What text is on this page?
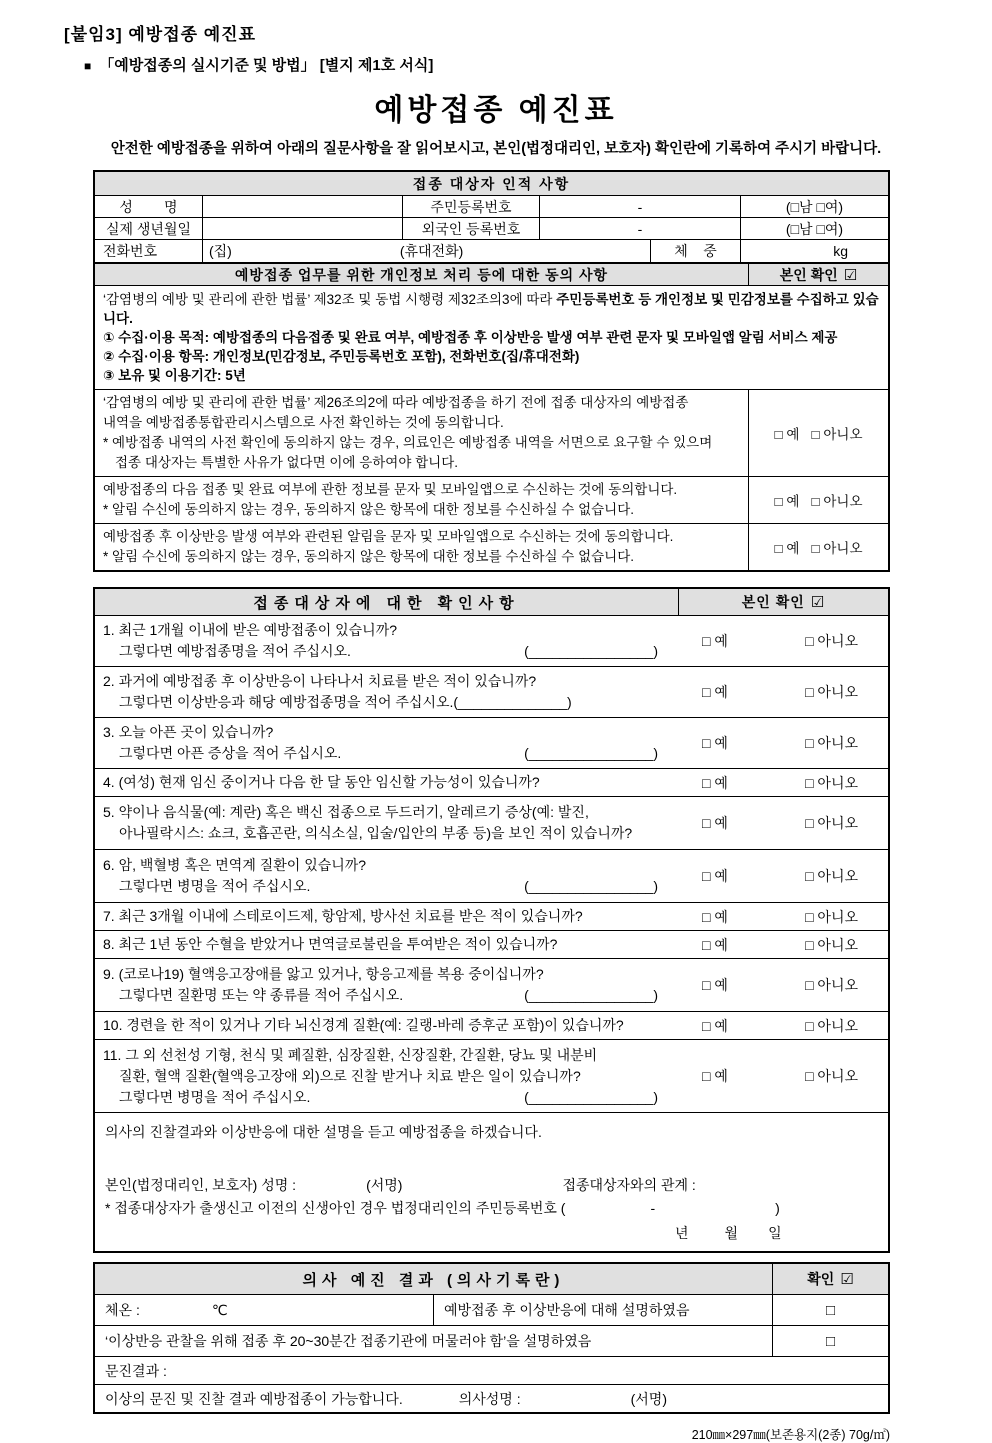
[붙임3] 예방접종 예진표
■ 「예방접종의 실시기준 및 방법」 [별지 제1호 서식]
예방접종 예진표
안전한 예방접종을 위하여 아래의 질문사항을 잘 읽어보시고, 본인(법정대리인, 보호자) 확인란에 기록하여 주시기 바랍니다.
접종 대상자 인적 사항
성        명	주민등록번호	-	(□남 □여)
실제 생년월일	외국인 등록번호	-	(□남 □여)
전화번호	(집)	(휴대전화)	체    중	kg
예방접종 업무를 위한 개인정보 처리 등에 대한 동의 사항	본인 확인 ☑
‘감염병의 예방 및 관리에 관한 법률’ 제32조 및 동법 시행령 제32조의3에 따라 주민등록번호 등 개인정보 및 민감정보를 수집하고 있습니다.
① 수집·이용 목적: 예방접종의 다음접종 및 완료 여부, 예방접종 후 이상반응 발생 여부 관련 문자 및 모바일앱 알림 서비스 제공
② 수집·이용 항목: 개인정보(민감정보, 주민등록번호 포함), 전화번호(집/휴대전화)
③ 보유 및 이용기간: 5년
‘감염병의 예방 및 관리에 관한 법률’ 제26조의2에 따라 예방접종을 하기 전에 접종 대상자의 예방접종
내역을 예방접종통합관리시스템으로 사전 확인하는 것에 동의합니다.
* 예방접종 내역의 사전 확인에 동의하지 않는 경우, 의료인은 예방접종 내역을 서면으로 요구할 수 있으며
접종 대상자는 특별한 사유가 없다면 이에 응하여야 합니다.
□ 예 □ 아니오
예방접종의 다음 접종 및 완료 여부에 관한 정보를 문자 및 모바일앱으로 수신하는 것에 동의합니다.
* 알림 수신에 동의하지 않는 경우, 동의하지 않은 항목에 대한 정보를 수신하실 수 없습니다.
□ 예 □ 아니오
예방접종 후 이상반응 발생 여부와 관련된 알림을 문자 및 모바일앱으로 수신하는 것에 동의합니다.
* 알림 수신에 동의하지 않는 경우, 동의하지 않은 항목에 대한 정보를 수신하실 수 없습니다.
□ 예 □ 아니오
접종대상자에 대한 확인사항	본인 확인 ☑
1. 최근 1개월 이내에 받은 예방접종이 있습니까?
그렇다면 예방접종명을 적어 주십시오.	(________________)
□ 예	□ 아니오
2. 과거에 예방접종 후 이상반응이 나타나서 치료를 받은 적이 있습니까?
그렇다면 이상반응과 해당 예방접종명을 적어 주십시오. (______________)
□ 예	□ 아니오
3. 오늘 아픈 곳이 있습니까?
그렇다면 아픈 증상을 적어 주십시오.	(________________)
□ 예	□ 아니오
4. (여성) 현재 임신 중이거나 다음 한 달 동안 임신할 가능성이 있습니까?	□ 예	□ 아니오
5. 약이나 음식물(예: 계란) 혹은 백신 접종으로 두드러기, 알레르기 증상(예: 발진,
아나필락시스: 쇼크, 호흡곤란, 의식소실, 입술/입안의 부종 등)을 보인 적이 있습니까?
□ 예	□ 아니오
6. 암, 백혈병 혹은 면역계 질환이 있습니까?
그렇다면 병명을 적어 주십시오.	(________________)
□ 예	□ 아니오
7. 최근 3개월 이내에 스테로이드제, 항암제, 방사선 치료를 받은 적이 있습니까?	□ 예	□ 아니오
8. 최근 1년 동안 수혈을 받았거나 면역글로불린을 투여받은 적이 있습니까?	□ 예	□ 아니오
9. (코로나19) 혈액응고장애를 앓고 있거나, 항응고제를 복용 중이십니까?
그렇다면 질환명 또는 약 종류를 적어 주십시오.	(________________)
□ 예	□ 아니오
10. 경련을 한 적이 있거나 기타 뇌신경계 질환(예: 길랭-바레 증후군 포함)이 있습니까?	□ 예	□ 아니오
11. 그 외 선천성 기형, 천식 및 폐질환, 심장질환, 신장질환, 간질환, 당뇨 및 내분비
질환, 혈액 질환(혈액응고장애 외)으로 진찰 받거나 치료 받은 일이 있습니까?
그렇다면 병명을 적어 주십시오.	(________________)
□ 예	□ 아니오
의사의 진찰결과와 이상반응에 대한 설명을 듣고 예방접종을 하겠습니다.
본인(법정대리인, 보호자) 성명 :	(서명)	접종대상자와의 관계 :
* 접종대상자가 출생신고 이전의 신생아인 경우 법정대리인의 주민등록번호 (	-	)
년	월 일
의사 예진 결과 (의사기록란)	확인 ☑
체온 :	℃	예방접종 후 이상반응에 대해 설명하였음	□
‘이상반응 관찰을 위해 접종 후 20~30분간 접종기관에 머물러야 함’을 설명하였음	□
문진결과 :
이상의 문진 및 진찰 결과 예방접종이 가능합니다.	의사성명 :	(서명)
210㎜×297㎜(보존용지(2종) 70g/㎡)
